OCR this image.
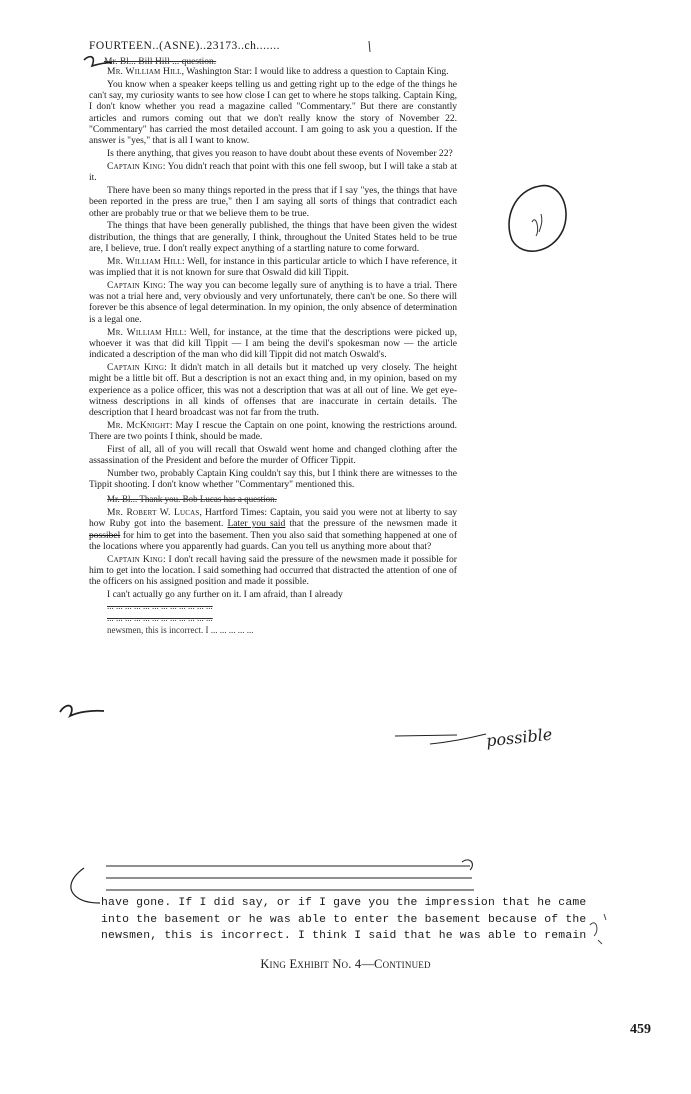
FOURTEEN..(ASNE)..23173..ch.......
Mr. Bl... Bill Hill ... question.

Mr. William Hill, Washington Star: I would like to address a question to Captain King.

You know when a speaker keeps telling us and getting right up to the edge of the things he can't say, my curiosity wants to see how close I can get to where he stops talking. Captain King, I don't know whether you read a magazine called "Commentary." But there are constantly articles and rumors coming out that we don't really know the story of November 22. "Commentary" has carried the most detailed account. I am going to ask you a question. If the answer is "yes," that is all I want to know.

Is there anything, that gives you reason to have doubt about these events of November 22?

Captain King: You didn't reach that point with this one fell swoop, but I will take a stab at it.

There have been so many things reported in the press that if I say "yes, the things that have been reported in the press are true," then I am saying all sorts of things that contradict each other are probably true or that we believe them to be true.

The things that have been generally published, the things that have been given the widest distribution, the things that are generally, I think, throughout the United States held to be true are, I believe, true. I don't really expect anything of a startling nature to come forward.

Mr. William Hill: Well, for instance in this particular article to which I have reference, it was implied that it is not known for sure that Oswald did kill Tippit.

Captain King: The way you can become legally sure of anything is to have a trial. There was not a trial here and, very obviously and very unfortunately, there can't be one. So there will forever be this absence of legal determination. In my opinion, the only absence of determination is a legal one.

Mr. William Hill: Well, for instance, at the time that the descriptions were picked up, whoever it was that did kill Tippit — I am being the devil's spokesman now — the article indicated a description of the man who did kill Tippit did not match Oswald's.

Captain King: It didn't match in all details but it matched up very closely. The height might be a little bit off. But a description is not an exact thing and, in my opinion, based on my experience as a police officer, this was not a description that was at all out of line. We get eye-witness descriptions in all kinds of offenses that are inaccurate in certain details. The description that I heard broadcast was not far from the truth.

Mr. McKnight: May I rescue the Captain on one point, knowing the restrictions around. There are two points I think, should be made.

First of all, all of you will recall that Oswald went home and changed clothing after the assassination of the President and before the murder of Officer Tippit.

Number two, probably Captain King couldn't say this, but I think there are witnesses to the Tippit shooting. I don't know whether "Commentary" mentioned this.

Mr. Bl... Thank you. Bob Lucas has a question.

Mr. Robert W. Lucas, Hartford Times: Captain, you said you were not at liberty to say how Ruby got into the basement. Later you said that the pressure of the newsmen made it possibel for him to get into the basement. Then you also said that something happened at one of the locations where you apparently had guards. Can you tell us anything more about that?

Captain King: I don't recall having said the pressure of the newsmen made it possible for him to get into the location. I said something had occurred that distracted the attention of one of the officers on his assigned position and made it possible.

I can't actually go any further on it. I am afraid, than I already

... ... ... ... ... ... ... ... ... ... ... ...

... ... ... ... ... ... ... ... ... ... ... ...

newsmen, this is incorrect. I ... ... ... ... ...

have gone. If I did say, or if I gave you the impression that he came

into the basement or he was able to enter the basement because of the

newsmen, this is incorrect. I think I said that he was able to remain

King Exhibit No. 4—Continued
459
possible
